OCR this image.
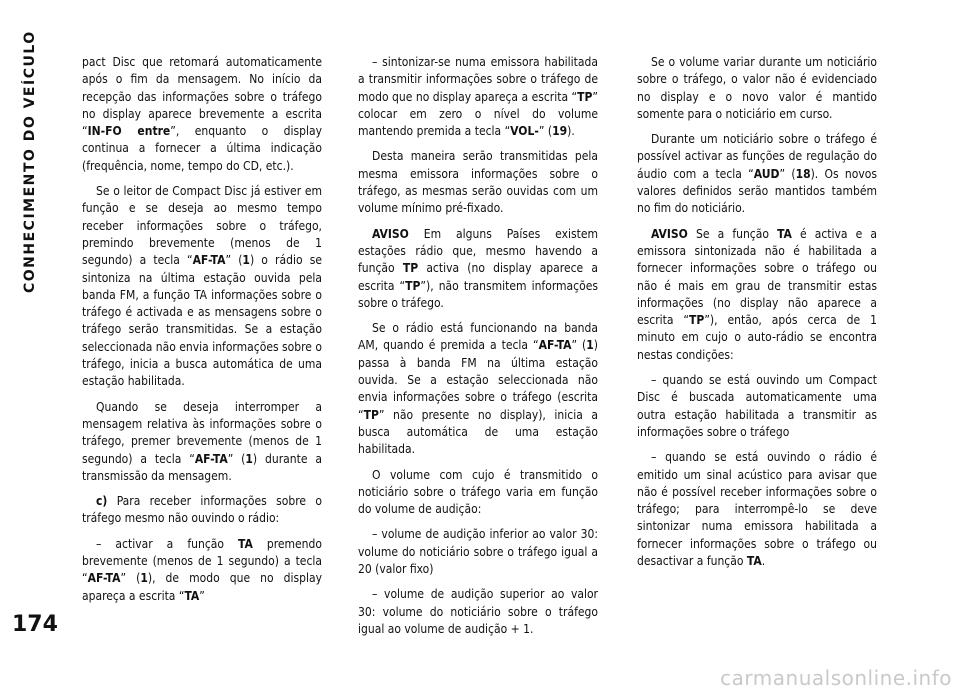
CONHECIMENTO DO VEÍCULO
174

pact Disc que retomará automaticamente após o fim da mensagem. No início da recepção das informações sobre o tráfego no display aparece brevemente a escrita “IN-FO entre”, enquanto o display continua a fornecer a última indicação (frequência, nome, tempo do CD, etc.).

Se o leitor de Compact Disc já estiver em função e se deseja ao mesmo tempo receber informações sobre o tráfego, premindo brevemente (menos de 1 segundo) a tecla “AF-TA” (1) o rádio se sintoniza na última estação ouvida pela banda FM, a função TA informações sobre o tráfego é activada e as mensagens sobre o tráfego serão transmitidas. Se a estação seleccionada não envia informações sobre o tráfego, inicia a busca automática de uma estação habilitada.

Quando se deseja interromper a mensagem relativa às informações sobre o tráfego, premer brevemente (menos de 1 segundo) a tecla “AF-TA” (1) durante a transmissão da mensagem.

c) Para receber informações sobre o tráfego mesmo não ouvindo o rádio:

– activar a função TA premendo brevemente (menos de 1 segundo) a tecla “AF-TA” (1), de modo que no display apareça a escrita “TA”

– sintonizar-se numa emissora habilitada a transmitir informações sobre o tráfego de modo que no display apareça a escrita “TP” colocar em zero o nível do volume mantendo premida a tecla “VOL-” (19).

Desta maneira serão transmitidas pela mesma emissora informações sobre o tráfego, as mesmas serão ouvidas com um volume mínimo pré-fixado.

AVISO Em alguns Países existem estações rádio que, mesmo havendo a função TP activa (no display aparece a escrita “TP”), não transmitem informações sobre o tráfego.

Se o rádio está funcionando na banda AM, quando é premida a tecla “AF-TA” (1) passa à banda FM na última estação ouvida. Se a estação seleccionada não envia informações sobre o tráfego (escrita “TP” não presente no display), inicia a busca automática de uma estação habilitada.

O volume com cujo é transmitido o noticiário sobre o tráfego varia em função do volume de audição:

– volume de audição inferior ao valor 30: volume do noticiário sobre o tráfego igual a 20 (valor fixo)

– volume de audição superior ao valor 30: volume do noticiário sobre o tráfego igual ao volume de audição + 1.

Se o volume variar durante um noticiário sobre o tráfego, o valor não é evidenciado no display e o novo valor é mantido somente para o noticiário em curso.

Durante um noticiário sobre o tráfego é possível activar as funções de regulação do áudio com a tecla “AUD” (18). Os novos valores definidos serão mantidos também no fim do noticiário.

AVISO Se a função TA é activa e a emissora sintonizada não é habilitada a fornecer informações sobre o tráfego ou não é mais em grau de transmitir estas informações (no display não aparece a escrita “TP”), então, após cerca de 1 minuto em cujo o auto-rádio se encontra nestas condições:

– quando se está ouvindo um Compact Disc é buscada automaticamente uma outra estação habilitada a transmitir as informações sobre o tráfego

– quando se está ouvindo o rádio é emitido um sinal acústico para avisar que não é possível receber informações sobre o tráfego; para interrompê-lo se deve sintonizar numa emissora habilitada a fornecer informações sobre o tráfego ou desactivar a função TA.

carmanualsonline.info
